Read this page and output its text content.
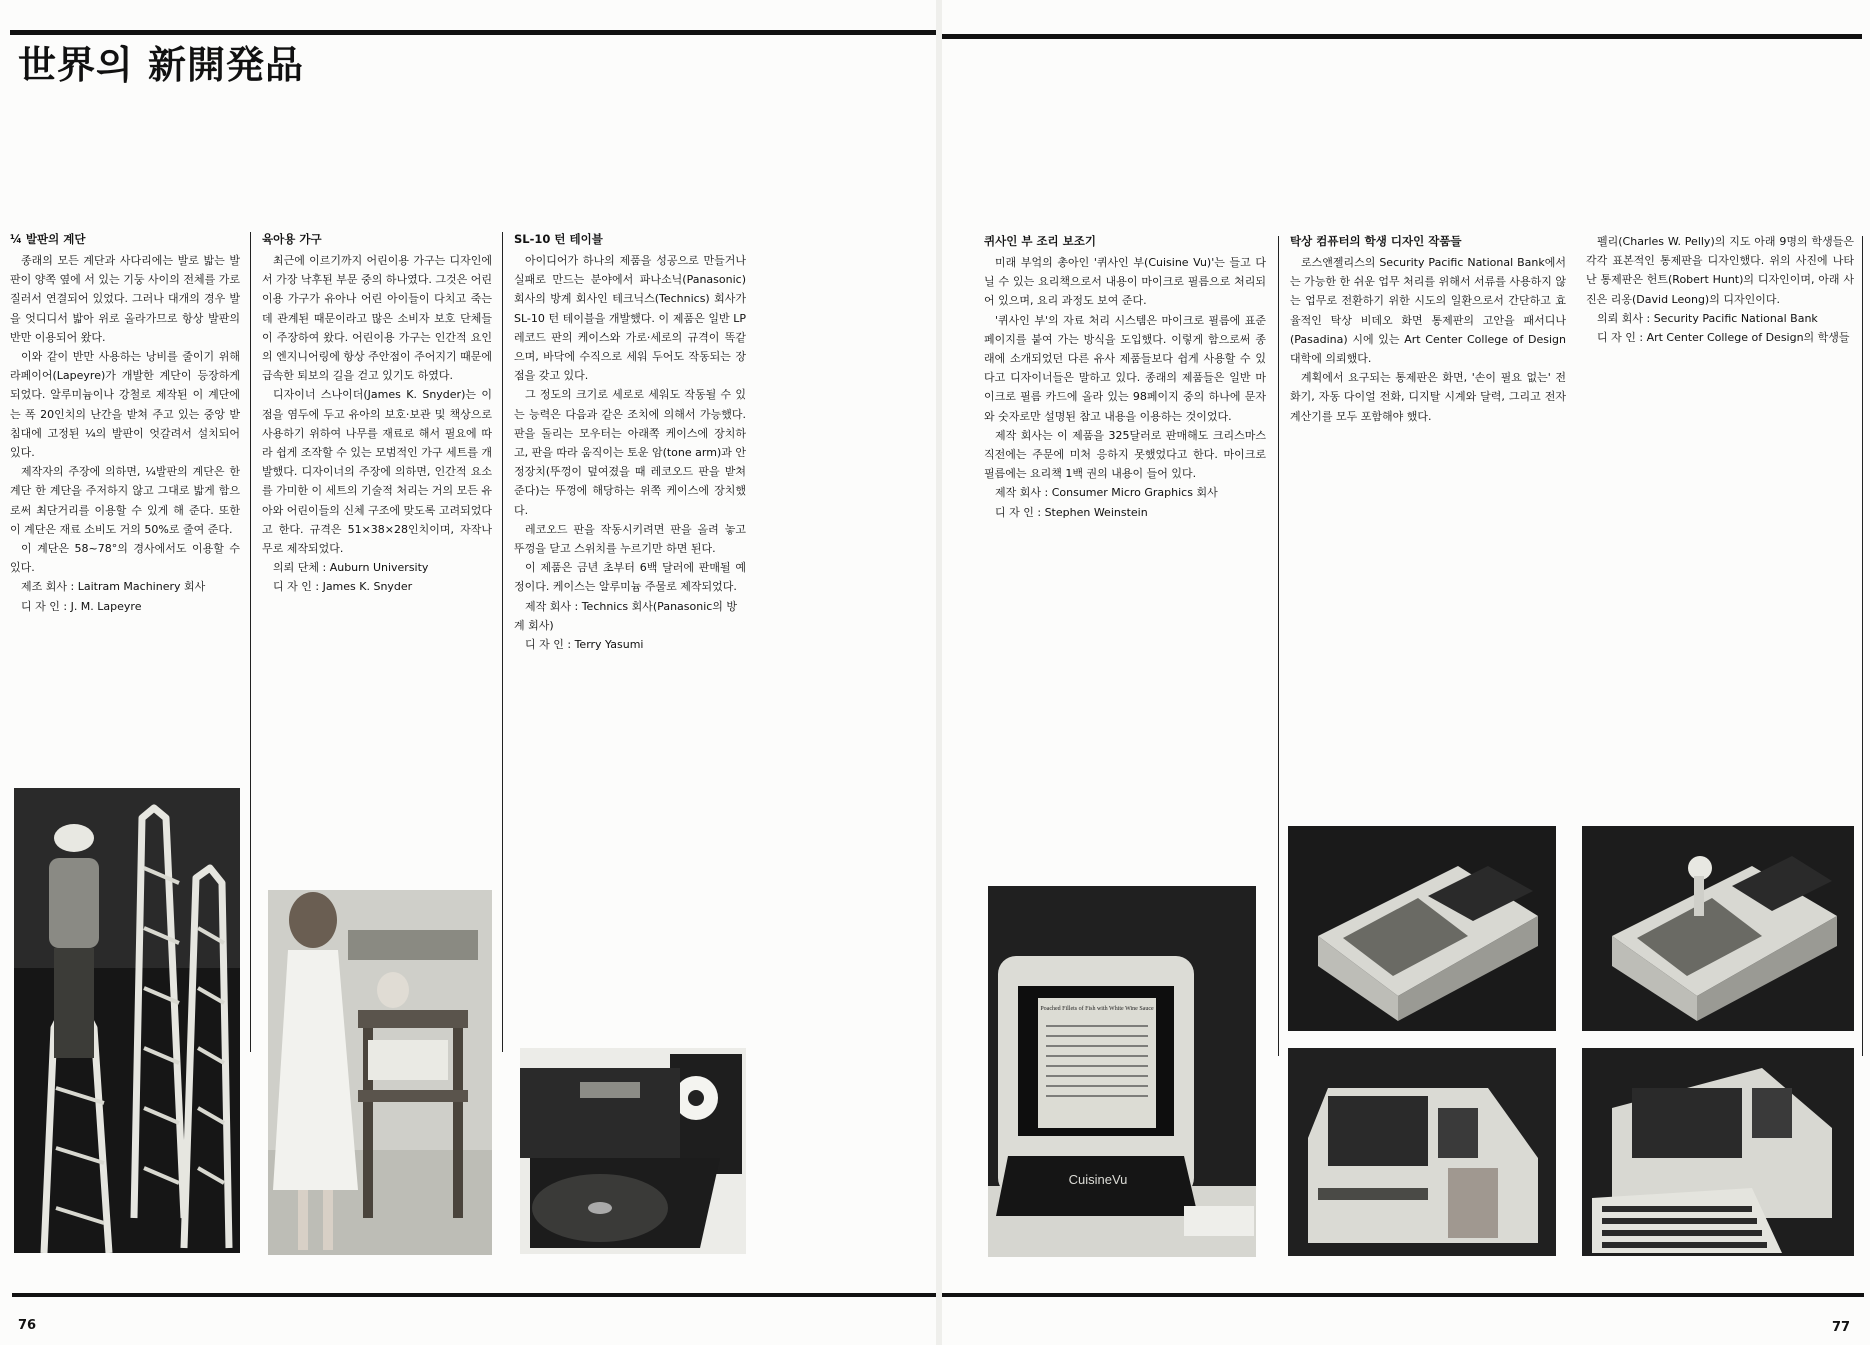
世界의 新開発品
¼ 발판의 계단

종래의 모든 계단과 사다리에는 발로 밟는 발판이 양쪽 옆에 서 있는 기둥 사이의 전체를 가로질러서 연결되어 있었다. 그러나 대개의 경우 발을 엇디디서 밟아 위로 올라가므로 항상 발판의 반만 이용되어 왔다.

이와 같이 반만 사용하는 낭비를 줄이기 위해 라페이어(Lapeyre)가 개발한 계단이 등장하게 되었다. 알루미늄이나 강철로 제작된 이 계단에는 폭 20인치의 난간을 받쳐 주고 있는 중앙 받침대에 고정된 ¼의 발판이 엇갈려서 설치되어 있다.

제작자의 주장에 의하면, ¼발판의 계단은 한 계단 한 계단을 주저하지 않고 그대로 밟게 함으로써 최단거리를 이용할 수 있게 해 준다. 또한 이 계단은 재료 소비도 거의 50%로 줄여 준다.

이 계단은 58~78°의 경사에서도 이용할 수 있다.

제조 회사 : Laitram Machinery 회사
디 자 인 : J. M. Lapeyre
육아용 가구

최근에 이르기까지 어린이용 가구는 디자인에서 가장 낙후된 부문 중의 하나였다. 그것은 어린이용 가구가 유아나 어린 아이들이 다치고 죽는데 관계된 때문이라고 많은 소비자 보호 단체들이 주장하여 왔다. 어린이용 가구는 인간적 요인의 엔지니어링에 항상 주안점이 주어지기 때문에 급속한 퇴보의 길을 걷고 있기도 하였다.

디자이너 스나이더(James K. Snyder)는 이 점을 염두에 두고 유아의 보호·보관 및 책상으로 사용하기 위하여 나무를 재료로 해서 필요에 따라 쉽게 조작할 수 있는 모범적인 가구 세트를 개발했다. 디자이너의 주장에 의하면, 인간적 요소를 가미한 이 세트의 기술적 처리는 거의 모든 유아와 어린이들의 신체 구조에 맞도록 고려되었다고 한다. 규격은 51×38×28인치이며, 자작나무로 제작되었다.

의뢰 단체 : Auburn University
디 자 인 : James K. Snyder
SL-10 턴 테이블

아이디어가 하나의 제품을 성공으로 만들거나 실패로 만드는 분야에서 파나소닉(Panasonic) 회사의 방계 회사인 테크닉스(Technics) 회사가 SL-10 턴 테이블을 개발했다. 이 제품은 일반 LP 레코드 판의 케이스와 가로·세로의 규격이 똑같으며, 바닥에 수직으로 세워 두어도 작동되는 장점을 갖고 있다.

그 정도의 크기로 세로로 세워도 작동될 수 있는 능력은 다음과 같은 조치에 의해서 가능했다. 판을 돌리는 모우터는 아래쪽 케이스에 장치하고, 판을 따라 움직이는 토운 암(tone arm)과 안정장치(뚜껑이 덮여졌을 때 레코오드 판을 받쳐 준다)는 뚜껑에 해당하는 위쪽 케이스에 장치했다.

레코오드 판을 작동시키려면 판을 올려 놓고 뚜껑을 닫고 스위치를 누르기만 하면 된다.

이 제품은 금년 초부터 6백 달러에 판매될 예정이다. 케이스는 알루미늄 주물로 제작되었다.

제작 회사 : Technics 회사(Panasonic의 방계 회사)
디 자 인 : Terry Yasumi
76
퀴사인 부 조리 보조기

미래 부엌의 총아인 '퀴사인 부(Cuisine Vu)'는 들고 다닐 수 있는 요리책으로서 내용이 마이크로 필름으로 처리되어 있으며, 요리 과정도 보여 준다.

'퀴사인 부'의 자료 처리 시스템은 마이크로 필름에 표준 페이지를 붙여 가는 방식을 도입했다. 이렇게 함으로써 종래에 소개되었던 다른 유사 제품들보다 쉽게 사용할 수 있다고 디자이너들은 말하고 있다. 종래의 제품들은 일반 마이크로 필름 카드에 올라 있는 98페이지 중의 하나에 문자와 숫자로만 설명된 참고 내용을 이용하는 것이었다.

제작 회사는 이 제품을 325달러로 판매해도 크리스마스 직전에는 주문에 미처 응하지 못했었다고 한다. 마이크로 필름에는 요리책 1백 권의 내용이 들어 있다.

제작 회사 : Consumer Micro Graphics 회사
디 자 인 : Stephen Weinstein
탁상 컴퓨터의 학생 디자인 작품들

로스앤젤리스의 Security Pacific National Bank에서는 가능한 한 쉬운 업무 처리를 위해서 서류를 사용하지 않는 업무로 전환하기 위한 시도의 일환으로서 간단하고 효율적인 탁상 비데오 화면 통제판의 고안을 패서디나(Pasadina) 시에 있는 Art Center College of Design 대학에 의뢰했다.

계획에서 요구되는 통제판은 화면, '손이 필요 없는' 전화기, 자동 다이얼 전화, 디지탈 시계와 달력, 그리고 전자 계산기를 모두 포함해야 했다.

펠리(Charles W. Pelly)의 지도 아래 9명의 학생들은 각각 표본적인 통제판을 디자인했다. 위의 사진에 나타난 통제판은 헌트(Robert Hunt)의 디자인이며, 아래 사진은 리옹(David Leong)의 디자인이다.

의뢰 회사 : Security Pacific National Bank
디 자 인 : Art Center College of Design의 학생들
Poached Fillets of Fish with White Wine Sauce
CuisineVu
77
